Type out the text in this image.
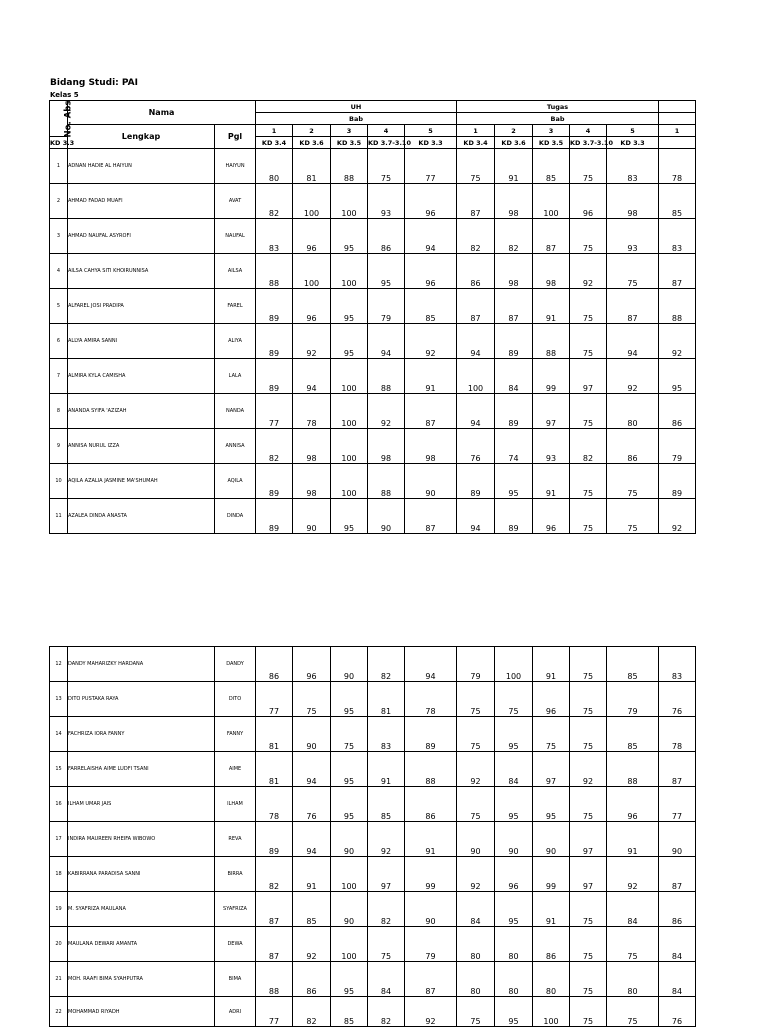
Bidang Studi: PAI
Kelas 5
No. Abs	Nama		UH					Tugas					
			Bab					Bab					
	Lengkap	Pgl	1	2	3	4	5	1	2	3	4	5	1
KD 3.3			KD 3.4	KD 3.6	KD 3.5	KD 3.7-3.10	KD 3.3	KD 3.4	KD 3.6	KD 3.5	KD 3.7-3.10	KD 3.3	
1	ADNAN HADIE AL HAIYUN	HAIYUN	80	81	88	75	77	75	91	85	75	83	78
2	AHMAD FADAD MUAFI	AVAT	82	100	100	93	96	87	98	100	96	98	85
3	AHMAD NAUFAL ASYROFI	NAUFAL	83	96	95	86	94	82	82	87	75	93	83
4	AILSA CAHYA SITI KHOIRUNNISA	AILSA	88	100	100	95	96	86	98	98	92	75	87
5	ALFAREL JOSI PRADIPA	FAREL	89	96	95	79	85	87	87	91	75	87	88
6	ALLYA AMIRA SANNI	ALIYA	89	92	95	94	92	94	89	88	75	94	92
7	ALMIRA KYLA CAMISHA	LALA	89	94	100	88	91	100	84	99	97	92	95
8	ANANDA SYIFA 'AZIZAH	NANDA	77	78	100	92	87	94	89	97	75	80	86
9	ANNISA NURUL IZZA	ANNISA	82	98	100	98	98	76	74	93	82	86	79
10	AQILA AZALIA JASMINE MA'SHUMAH	AQILA	89	98	100	88	90	89	95	91	75	75	89
11	AZALEA DINDA ANASTA	DINDA	89	90	95	90	87	94	89	96	75	75	92
12	DANDY MAHARIZKY HARDANA	DANDY	86	96	90	82	94	79	100	91	75	85	83
13	DITO PUSTAKA RAYA	DITO	77	75	95	81	78	75	75	96	75	79	76
14	FACHRIZA IORA FANNY	FANNY	81	90	75	83	89	75	95	75	75	85	78
15	FARRELAISHA AIME LUDFI TSANI	AIME	81	94	95	91	88	92	84	97	92	88	87
16	ILHAM UMAR JAIS	ILHAM	78	76	95	85	86	75	95	95	75	96	77
17	INDIRA MAUREEN RHEIFA WIBOWO	REVA	89	94	90	92	91	90	90	90	97	91	90
18	KABIRRANA PARADISA SANNI	BIRRA	82	91	100	97	99	92	96	99	97	92	87
19	M. SYAFRIZA MAULANA	SYAFRIZA	87	85	90	82	90	84	95	91	75	84	86
20	MAULANA DEWARI AMANTA	DEWA	87	92	100	75	79	80	80	86	75	75	84
21	MOH. RAAFI BIMA SYAHPUTRA	BIMA	88	86	95	84	87	80	80	80	75	80	84
22	MOHAMMAD RIYADH	ADRI	77	82	85	82	92	75	95	100	75	75	76
